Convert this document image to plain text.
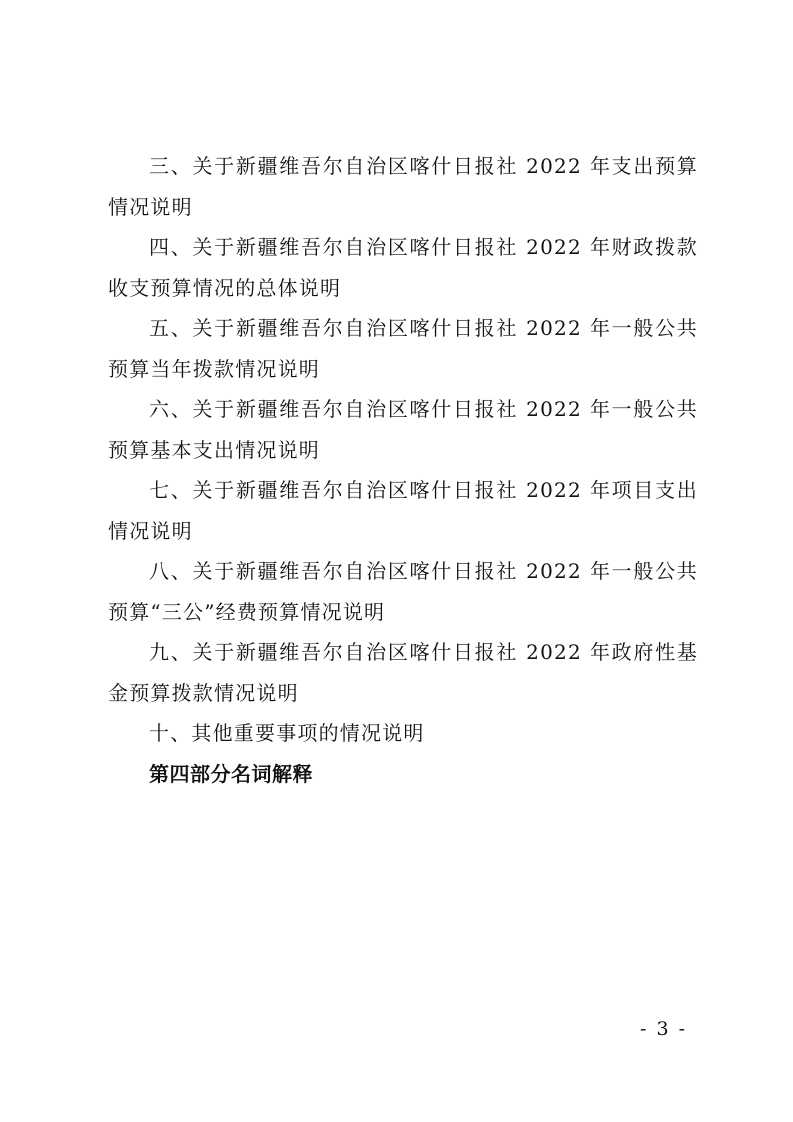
三、关于新疆维吾尔自治区喀什日报社 2022 年支出预算情况说明

四、关于新疆维吾尔自治区喀什日报社 2022 年财政拨款收支预算情况的总体说明

五、关于新疆维吾尔自治区喀什日报社 2022 年一般公共预算当年拨款情况说明

六、关于新疆维吾尔自治区喀什日报社 2022 年一般公共预算基本支出情况说明

七、关于新疆维吾尔自治区喀什日报社 2022 年项目支出情况说明

八、关于新疆维吾尔自治区喀什日报社 2022 年一般公共预算“三公”经费预算情况说明

九、关于新疆维吾尔自治区喀什日报社 2022 年政府性基金预算拨款情况说明

十、其他重要事项的情况说明

第四部分名词解释

- 3 -
